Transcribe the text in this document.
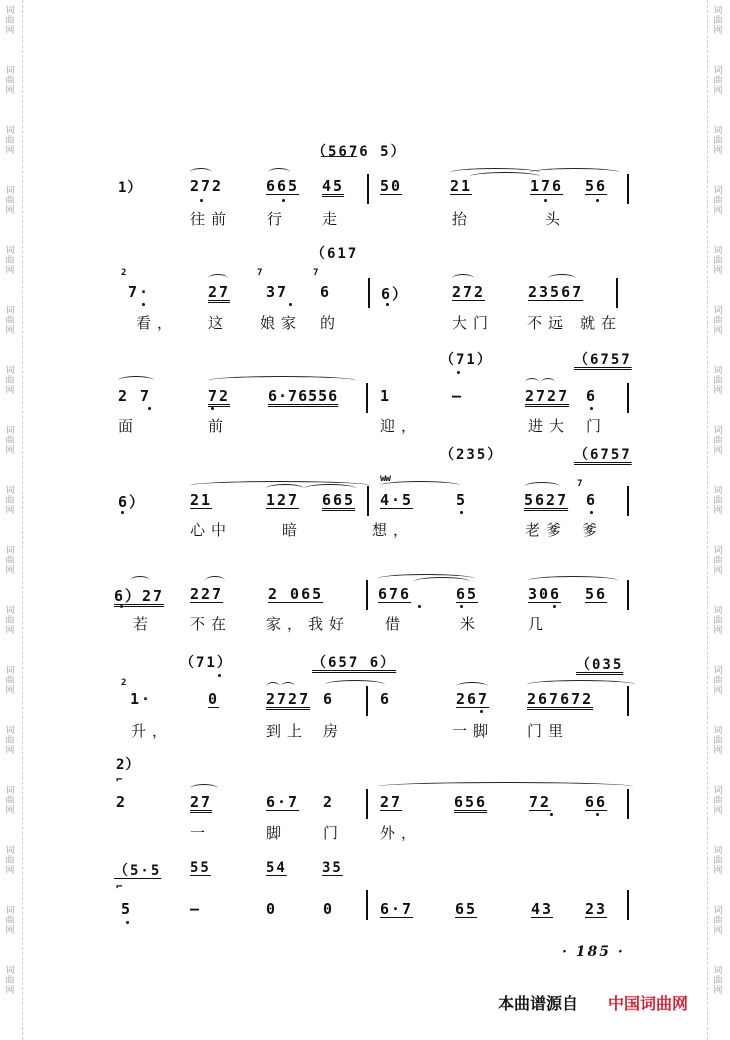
词
曲
网
词
曲
网
词
曲
网
词
曲
网
词
曲
网
词
曲
网
词
曲
网
词
曲
网
词
曲
网
词
曲
网
词
曲
网
词
曲
网
词
曲
网
词
曲
网
词
曲
网
词
曲
网
词
曲
网
词
曲
网
词
曲
网
词
曲
网
词
曲
网
词
曲
网
词
曲
网
词
曲
网
词
曲
网
词
曲
网
词
曲
网
词
曲
网
词
曲
网
词
曲
网
词
曲
网
词
曲
网
词
曲
网
词
曲
网
（5676 5）
1）	272	665 45 50	21	176 56
往前 行 走	抬	头
（617
2	7	7
7·	27 37 6	6）	272	23567
看， 这 娘家 的	大门 不远 就在
（71）	（6757
2 7	72	6·76556	1	—	2727 6
面	前	迎，	进大 门
（235）	（6757
7
6）	21	127 665 4·5	5	5627 6
ww
心中	暗	想，	老爹 爹
6）27 227	2 065	676	65	306 56
若 不在 家，我好 借	米	几
（71）	（657 6）	（035
2
1·	0	2727 6	6	267	267672
升，	到上 房	一脚 门里
2）
⌐
2	27	6·7 2	27	656	72 66
一	脚 门 外，
（5·5 55	54	35
⌐
5	—	0	0	6·7	65	43 23
· 185 ·
本曲谱源自 中国词曲网
